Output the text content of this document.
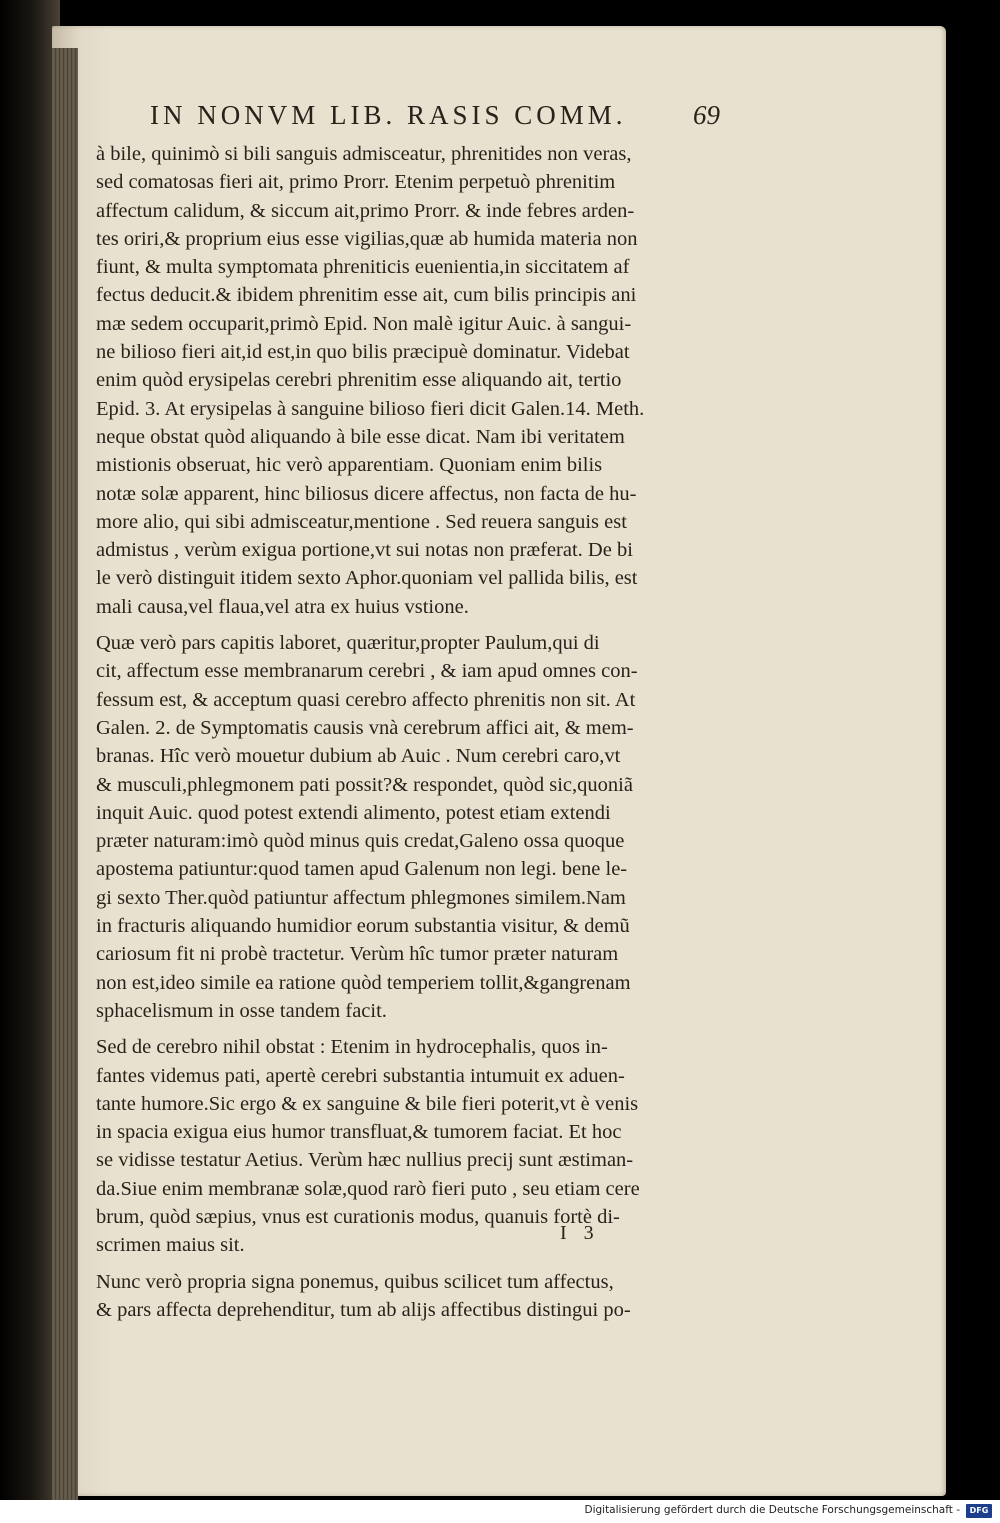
IN NONVM LIB. RASIS COMM. 69
à bile, quinimò si bili sanguis admisceatur, phrenitides non veras,
sed comatosas fieri ait, primo Prorr. Etenim perpetuò phrenitim
affectum calidum, & siccum ait,primo Prorr. & inde febres arden-
tes oriri,& proprium eius esse vigilias,quæ ab humida materia non
fiunt, & multa symptomata phreniticis euenientia,in siccitatem af
fectus deducit.& ibidem phrenitim esse ait, cum bilis principis ani
mæ sedem occuparit,primò Epid. Non malè igitur Auic. à sangui-
ne bilioso fieri ait,id est,in quo bilis præcipuè dominatur. Videbat
enim quòd erysipelas cerebri phrenitim esse aliquando ait, tertio
Epid. 3. At erysipelas à sanguine bilioso fieri dicit Galen.14. Meth.
neque obstat quòd aliquando à bile esse dicat. Nam ibi veritatem
mistionis obseruat, hic verò apparentiam. Quoniam enim bilis
notæ solæ apparent, hinc biliosus dicere affectus, non facta de hu-
more alio, qui sibi admisceatur,mentione . Sed reuera sanguis est
admistus , verùm exigua portione,vt sui notas non præferat. De bi
le verò distinguit itidem sexto Aphor.quoniam vel pallida bilis, est
mali causa,vel flaua,vel atra ex huius vstione.
Quæ verò pars capitis laboret, quæritur,propter Paulum,qui di
cit, affectum esse membranarum cerebri , & iam apud omnes con-
fessum est, & acceptum quasi cerebro affecto phrenitis non sit. At
Galen. 2. de Symptomatis causis vnà cerebrum affici ait, & mem-
branas. Hîc verò mouetur dubium ab Auic . Num cerebri caro,vt
& musculi,phlegmonem pati possit?& respondet, quòd sic,quoniã
inquit Auic. quod potest extendi alimento, potest etiam extendi
præter naturam:imò quòd minus quis credat,Galeno ossa quoque
apostema patiuntur:quod tamen apud Galenum non legi. bene le-
gi sexto Ther.quòd patiuntur affectum phlegmones similem.Nam
in fracturis aliquando humidior eorum substantia visitur, & demũ
cariosum fit ni probè tractetur. Verùm hîc tumor præter naturam
non est,ideo simile ea ratione quòd temperiem tollit,&gangrenam
sphacelismum in osse tandem facit.
Sed de cerebro nihil obstat : Etenim in hydrocephalis, quos in-
fantes videmus pati, apertè cerebri substantia intumuit ex aduen-
tante humore.Sic ergo & ex sanguine & bile fieri poterit,vt è venis
in spacia exigua eius humor transfluat,& tumorem faciat. Et hoc
se vidisse testatur Aetius. Verùm hæc nullius precij sunt æstiman-
da.Siue enim membranæ solæ,quod rarò fieri puto , seu etiam cere
brum, quòd sæpius, vnus est curationis modus, quanuis fortè di-
scrimen maius sit.
Nunc verò propria signa ponemus, quibus scilicet tum affectus,
& pars affecta deprehenditur, tum ab alijs affectibus distingui po-
I 3
Digitalisierung gefördert durch die Deutsche Forschungsgemeinschaft -	DFG
